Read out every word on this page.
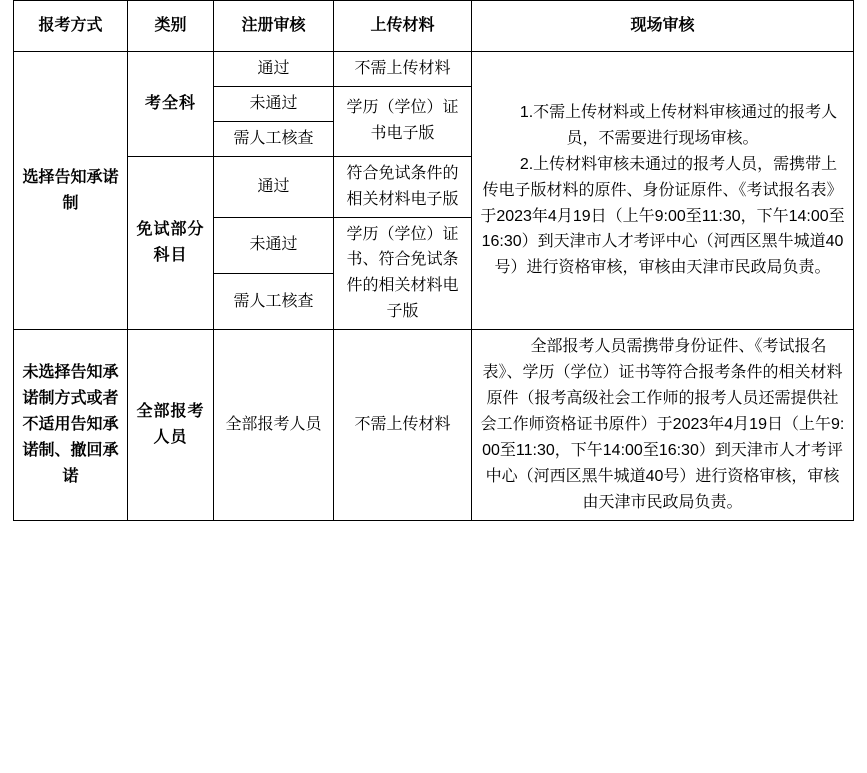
报考方式	类别	注册审核	上传材料	现场审核
选择告知承诺制	考全科	通过	不需上传材料	1.不需上传材料或上传材料审核通过的报考人员，不需要进行现场审核。

2.上传材料审核未通过的报考人员，需携带上传电子版材料的原件、身份证原件、《考试报名表》于2023年4月19日（上午9:00至11:30，下午14:00至16:30）到天津市人才考评中心（河西区黑牛城道40号）进行资格审核，审核由天津市民政局负责。

		未通过	学历（学位）证书电子版	
		需人工核查		
	免试部分科目	通过	符合免试条件的相关材料电子版	
		未通过	学历（学位）证书、符合免试条件的相关材料电子版	
		需人工核查		
未选择告知承诺制方式或者不适用告知承诺制、撤回承诺	全部报考人员	全部报考人员	不需上传材料	全部报考人员需携带身份证件、《考试报名表》、学历（学位）证书等符合报考条件的相关材料原件（报考高级社会工作师的报考人员还需提供社会工作师资格证书原件）于2023年4月19日（上午9:00至11:30，下午14:00至16:30）到天津市人才考评中心（河西区黑牛城道40号）进行资格审核，审核由天津市民政局负责。
